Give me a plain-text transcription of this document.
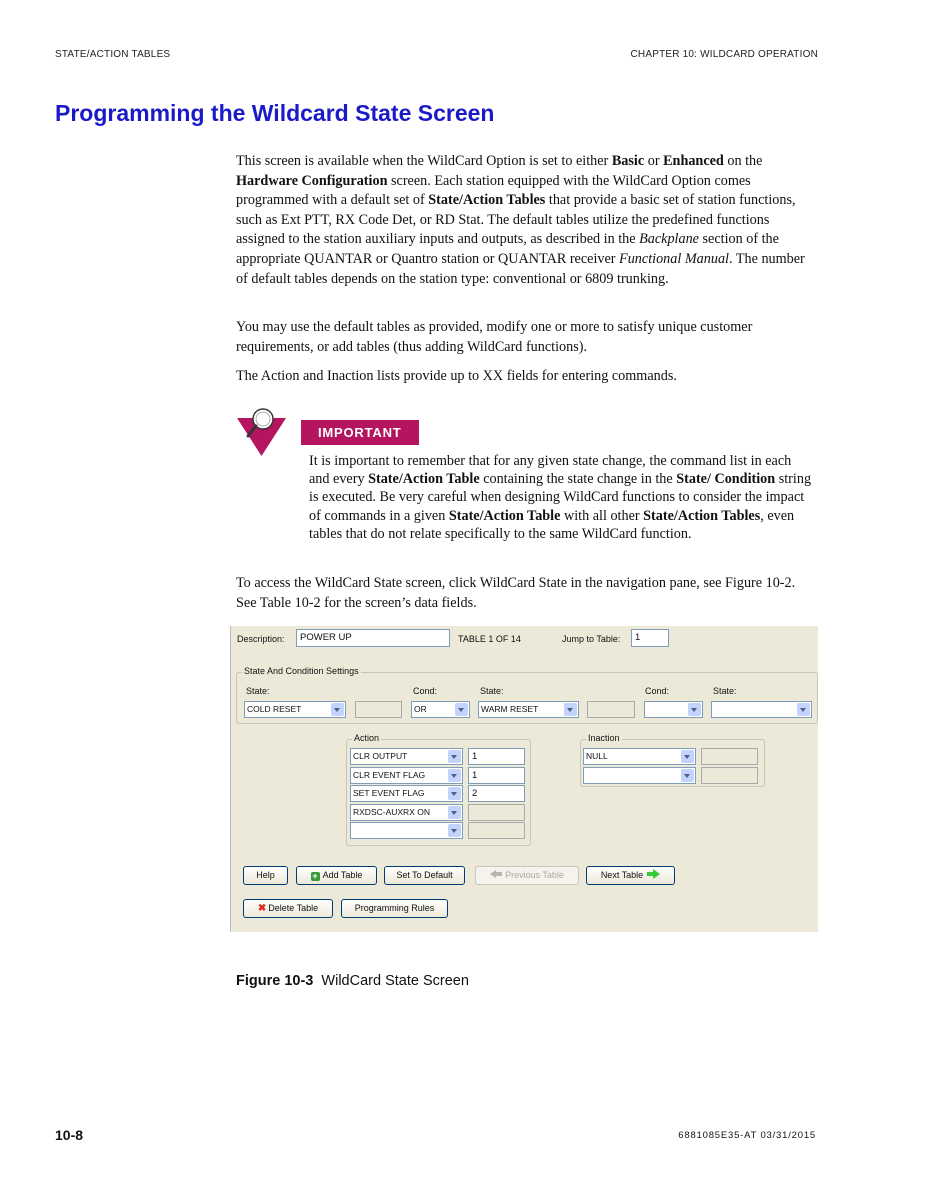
STATE/ACTION TABLES	CHAPTER 10: WILDCARD OPERATION
Programming the Wildcard State Screen

This screen is available when the WildCard Option is set to either Basic or Enhanced on the Hardware Configuration screen. Each station equipped with the WildCard Option comes programmed with a default set of State/Action Tables that provide a basic set of station functions, such as Ext PTT, RX Code Det, or RD Stat. The default tables utilize the predefined functions assigned to the station auxiliary inputs and outputs, as described in the Backplane section of the appropriate QUANTAR or Quantro station or QUANTAR receiver Functional Manual. The number of default tables depends on the station type: conventional or 6809 trunking.

You may use the default tables as provided, modify one or more to satisfy unique customer requirements, or add tables (thus adding WildCard functions).

The Action and Inaction lists provide up to XX fields for entering commands.

IMPORTANT
It is important to remember that for any given state change, the command list in each and every State/Action Table containing the state change in the State/ Condition string is executed. Be very careful when designing WildCard functions to consider the impact of commands in a given State/Action Table with all other State/Action Tables, even tables that do not relate specifically to the same WildCard function.

To access the WildCard State screen, click WildCard State in the navigation pane, see Figure 10-2. See Table 10-2 for the screen’s data fields.

Description:	POWER UP	TABLE 1 OF 14	Jump to Table:	1
State And Condition Settings
State:	Cond:	State:	Cond:	State:
COLD RESET	OR	WARM RESET
Action
CLR OUTPUT	1
CLR EVENT FLAG	1
SET EVENT FLAG	2
RXDSC-AUXRX ON
Inaction
NULL
Help	+ Add Table	Set To Default	Previous Table	Next Table
✖ Delete Table	Programming Rules
Figure 10-3 WildCard State Screen
10-8	6881085E35-AT 03/31/2015
